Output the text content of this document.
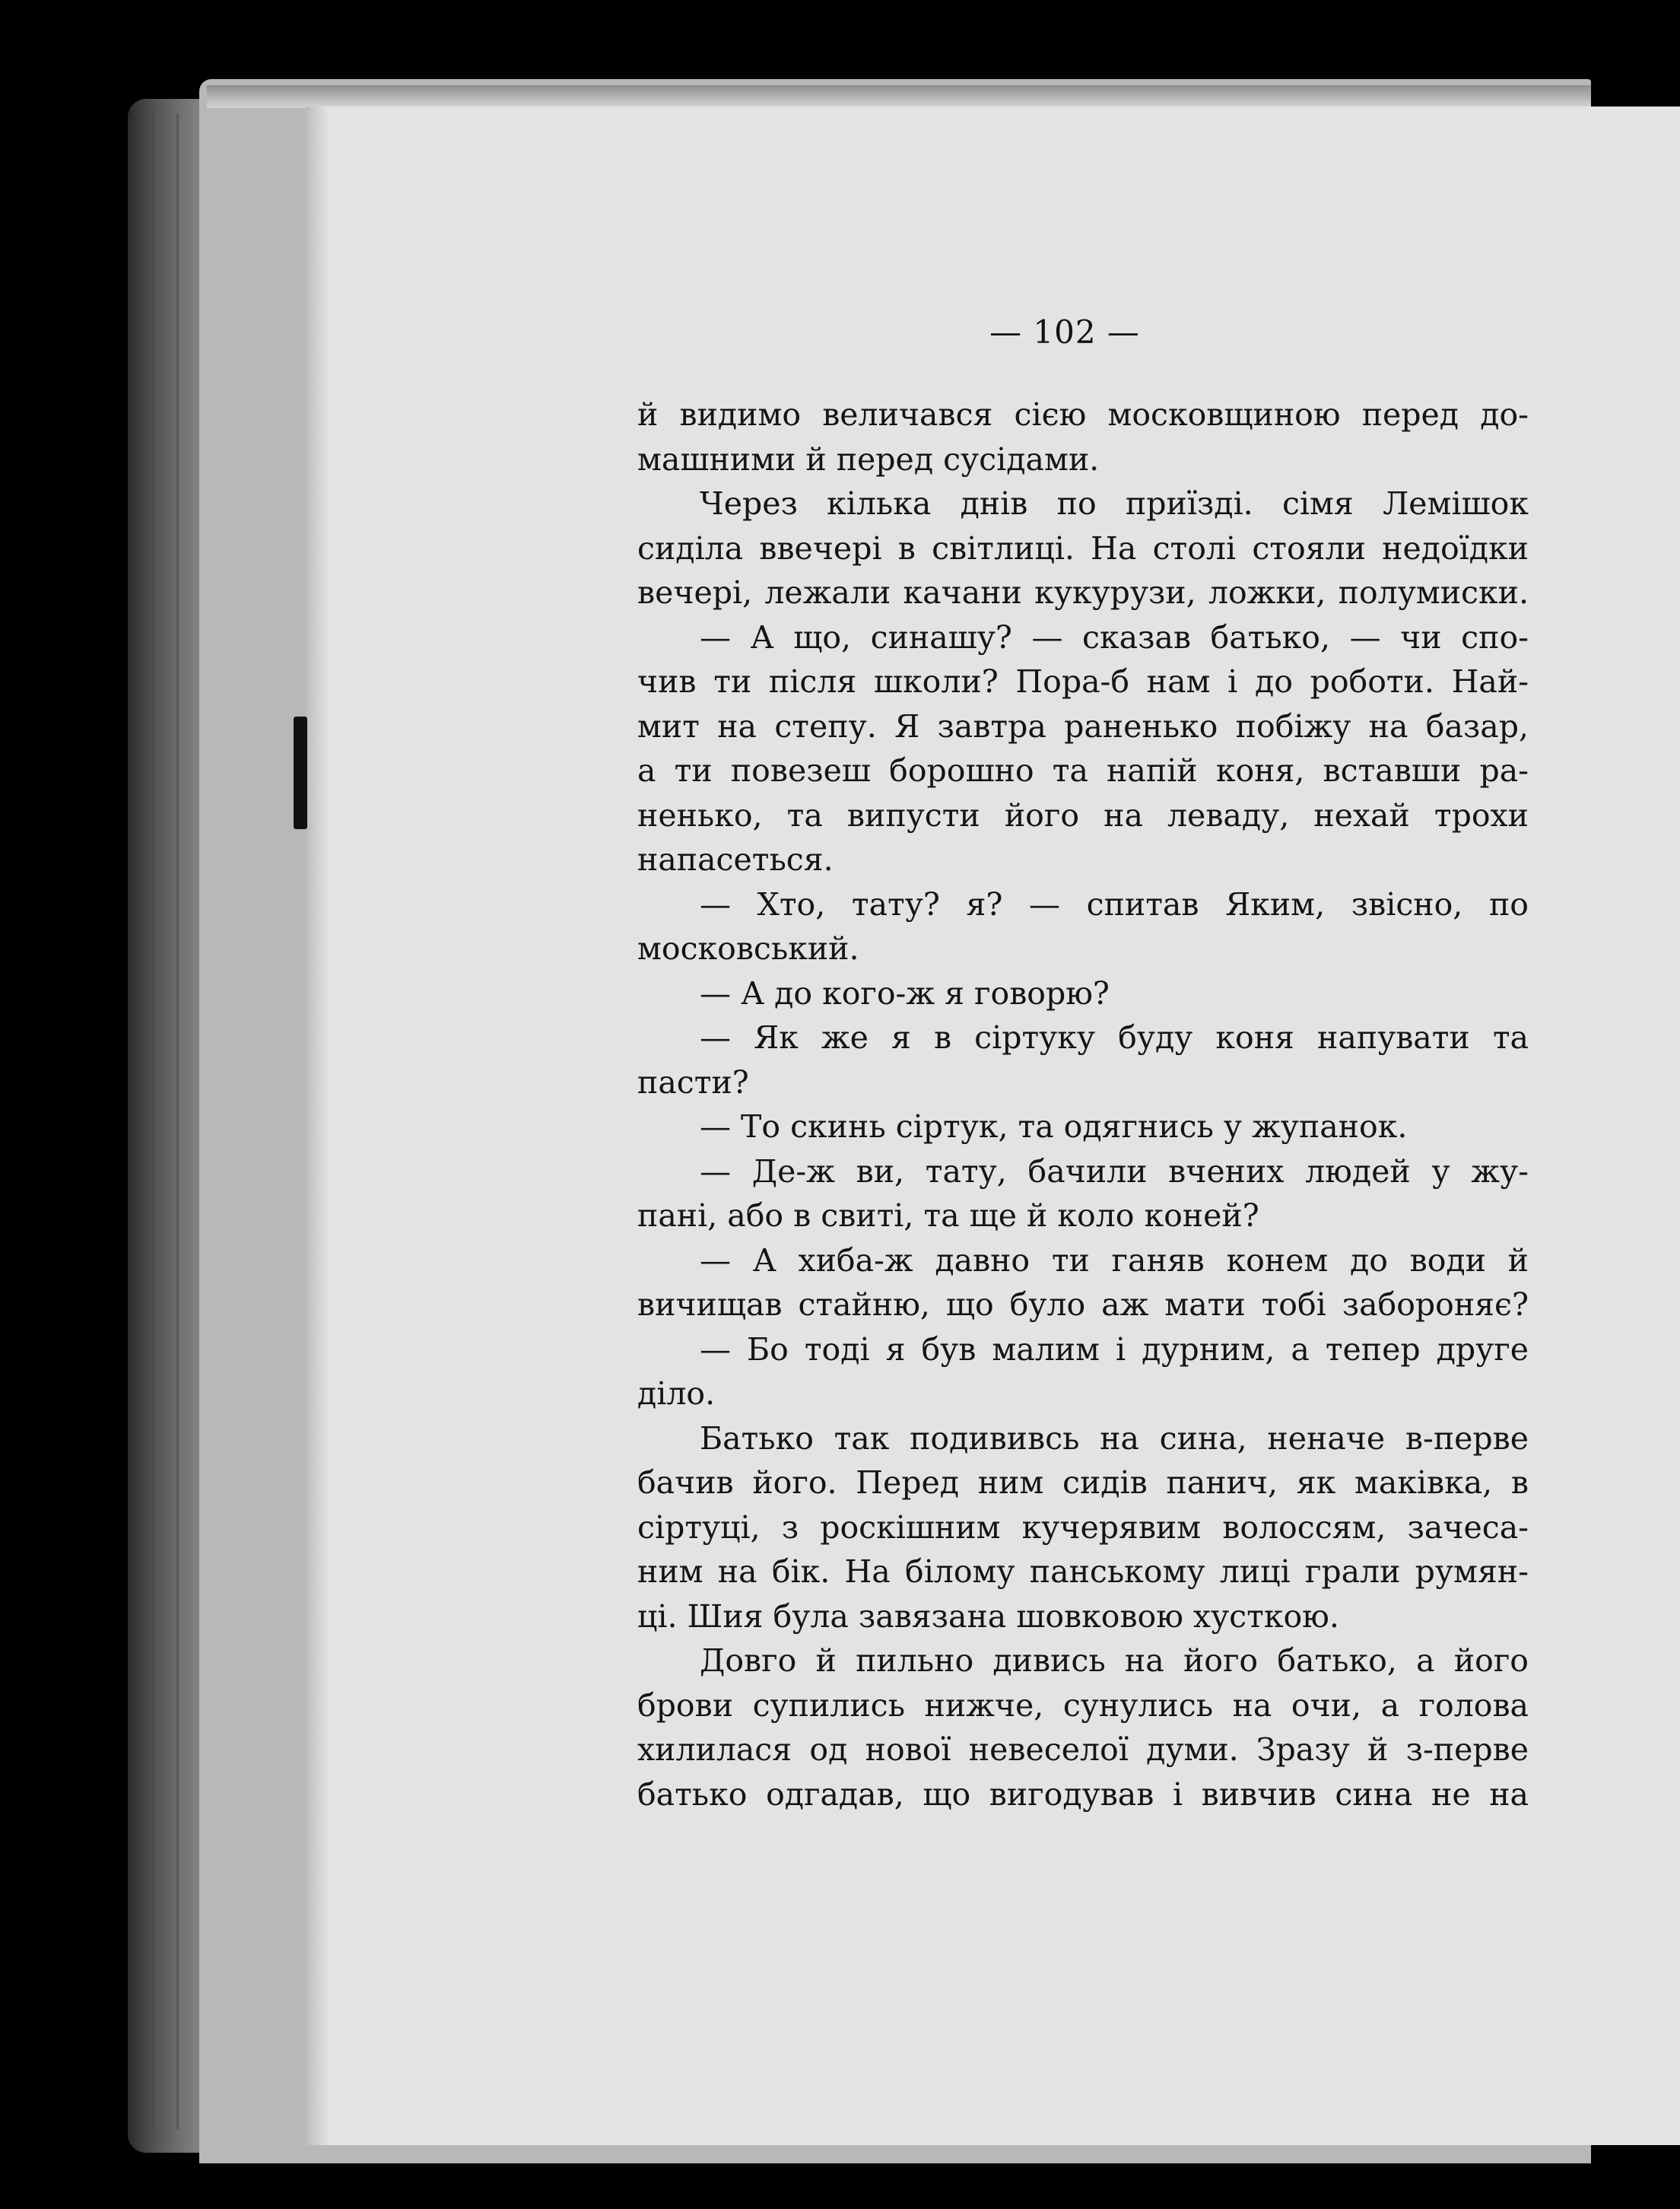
— 102 —
й видимо величався сією московщиною перед до-
машними й перед сусідами.
Через кілька днів по приїзді. сімя Лемішок
сиділа ввечері в світлиці. На столі стояли недоїдки
вечері, лежали качани кукурузи, ложки, полумиски.
— А що, синашу? — сказав батько, — чи спо-
чив ти після школи? Пора-б нам і до роботи. Най-
мит на степу. Я завтра раненько побіжу на базар,
а ти повезеш борошно та напій коня, вставши ра-
ненько, та випусти його на леваду, нехай трохи
напасеться.
— Хто, тату? я? — спитав Яким, звісно, по
московський.
— А до кого-ж я говорю?
— Як же я в сіртуку буду коня напувати та
пасти?
— То скинь сіртук, та одягнись у жупанок.
— Де-ж ви, тату, бачили вчених людей у жу-
пані, або в свиті, та ще й коло коней?
— А хиба-ж давно ти ганяв конем до води й
вичищав стайню, що було аж мати тобі забороняє?
— Бо тоді я був малим і дурним, а тепер друге
діло.
Батько так подививсь на сина, неначе в-перве
бачив його. Перед ним сидів панич, як маківка, в
сіртуці, з роскішним кучерявим волоссям, зачеса-
ним на бік. На білому панському лиці грали румян-
ці. Шия була завязана шовковою хусткою.
Довго й пильно дивись на його батько, а його
брови супились нижче, сунулись на очи, а голова
хилилася од нової невеселої думи. Зразу й з-перве
батько одгадав, що вигодував і вивчив сина не на
